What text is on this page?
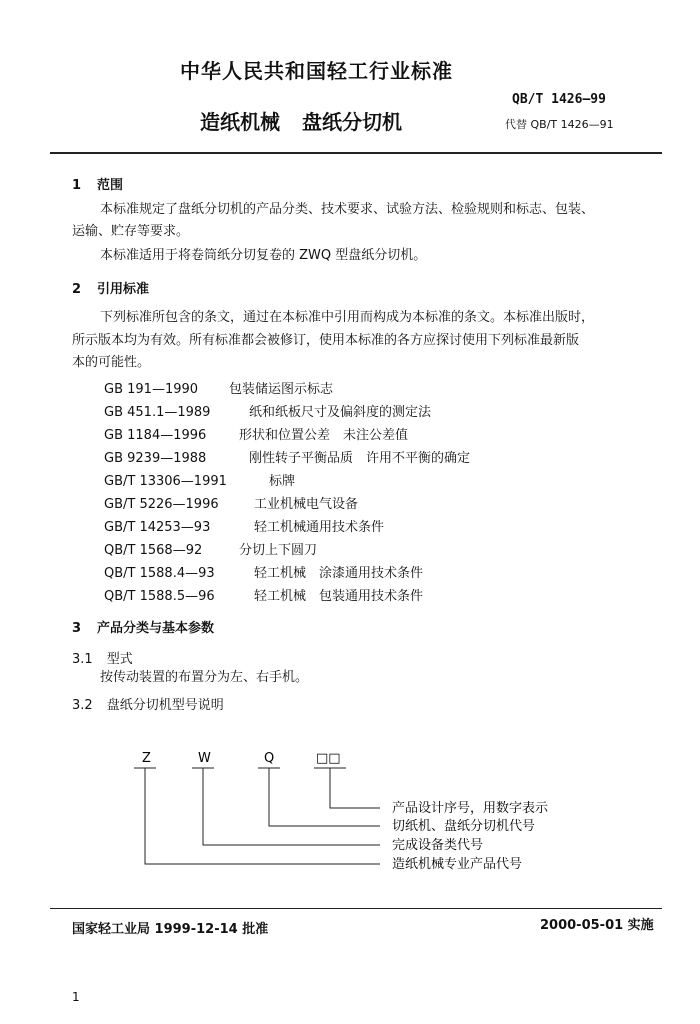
中华人民共和国轻工行业标准
造纸机械 盘纸分切机
QB/T 1426—99
代替 QB/T 1426—91
1 范围
本标准规定了盘纸分切机的产品分类、技术要求、试验方法、检验规则和标志、包装、
运输、贮存等要求。
本标准适用于将卷筒纸分切复卷的 ZWQ 型盘纸分切机。
2 引用标准
下列标准所包含的条文，通过在本标准中引用而构成为本标准的条文。本标准出版时，
所示版本均为有效。所有标准都会被修订，使用本标准的各方应探讨使用下列标准最新版
本的可能性。
GB 191—1990 包装储运图示标志
GB 451.1—1989	纸和纸板尺寸及偏斜度的测定法
GB 1184—1996	形状和位置公差　未注公差值
GB 9239—1988	刚性转子平衡品质　许用不平衡的确定
GB/T 13306—1991	标牌
GB/T 5226—1996	工业机械电气设备
GB/T 14253—93	轻工机械通用技术条件
QB/T 1568—92	分切上下圆刀
QB/T 1588.4—93	轻工机械　涂漆通用技术条件
QB/T 1588.5—96	轻工机械　包装通用技术条件
3 产品分类与基本参数
3.1 型式
按传动装置的布置分为左、右手机。
3.2 盘纸分切机型号说明
Z	W	Q	□□
产品设计序号，用数字表示
切纸机、盘纸分切机代号
完成设备类代号
造纸机械专业产品代号
国家轻工业局 1999-12-14 批准	2000-05-01 实施
1
